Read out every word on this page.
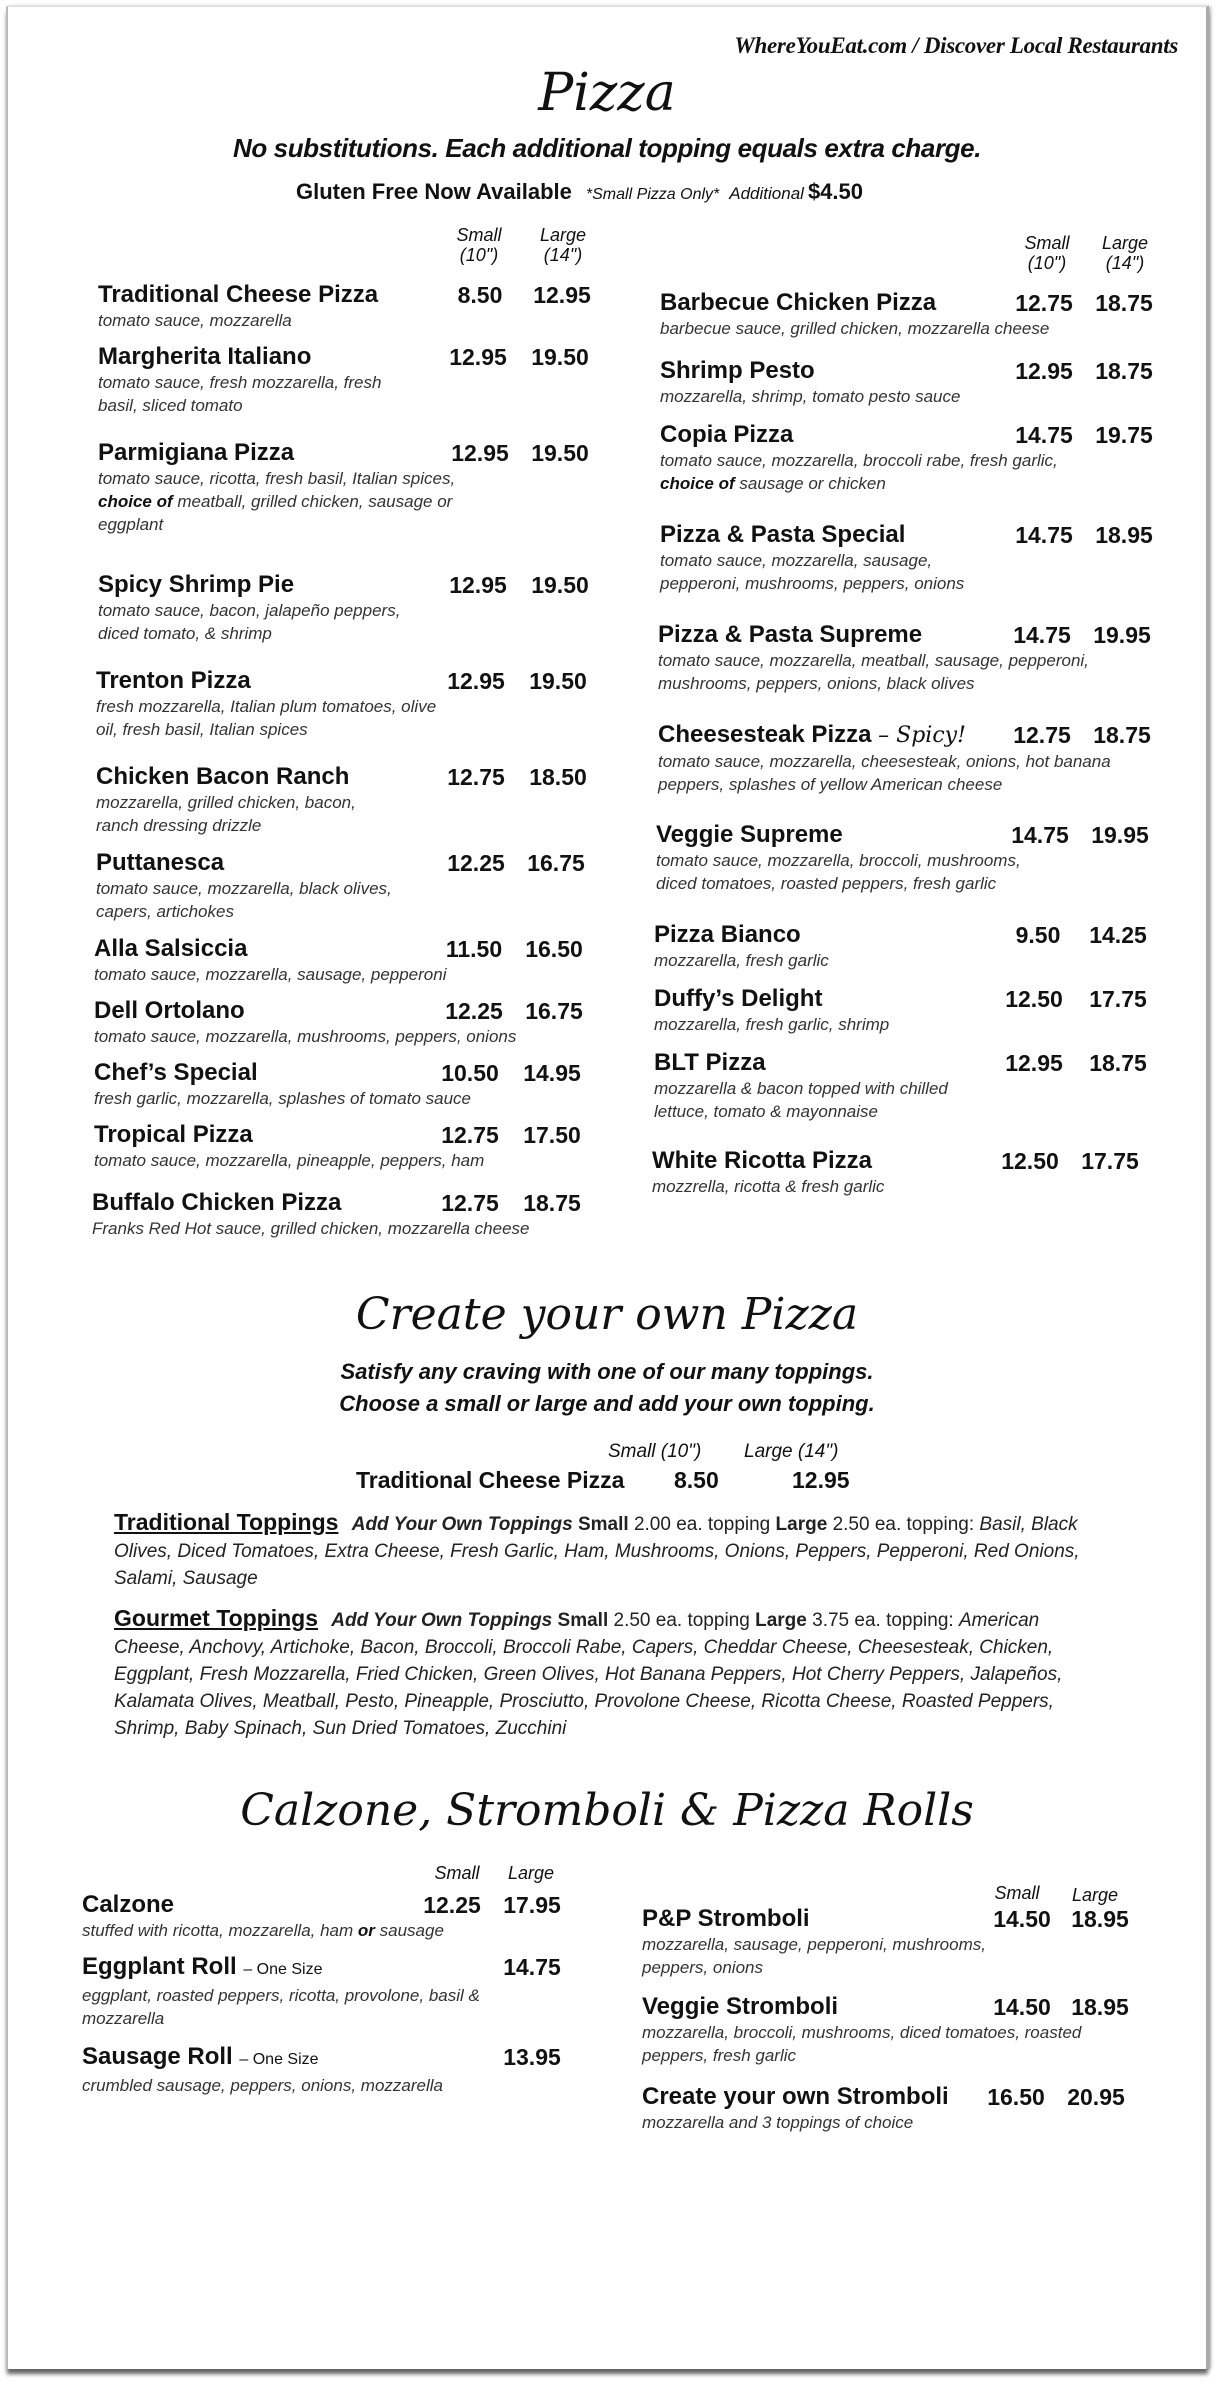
WhereYouEat.com / Discover Local Restaurants
Pizza
No substitutions. Each additional topping equals extra charge.
Gluten Free Now Available *Small Pizza Only* Additional $4.50
Small
(10")
Large
(14")
Small
(10")
Large
(14")
Traditional Cheese Pizza
tomato sauce, mozzarella
8.50	12.95
Margherita Italiano
tomato sauce, fresh mozzarella, fresh basil, sliced tomato
12.95	19.50
Parmigiana Pizza
tomato sauce, ricotta, fresh basil, Italian spices,
choice of meatball, grilled chicken, sausage or eggplant
12.95 19.50
Spicy Shrimp Pie
tomato sauce, bacon, jalapeño peppers, diced tomato, & shrimp
12.95	19.50
Trenton Pizza
fresh mozzarella, Italian plum tomatoes, olive oil, fresh basil, Italian spices
12.95	19.50
Chicken Bacon Ranch
mozzarella, grilled chicken, bacon, ranch dressing drizzle
12.75	18.50
Puttanesca
tomato sauce, mozzarella, black olives, capers, artichokes
12.25 16.75
Alla Salsiccia
tomato sauce, mozzarella, sausage, pepperoni
11.50	16.50
Dell Ortolano
tomato sauce, mozzarella, mushrooms, peppers, onions
12.25 16.75
Chef’s Special
fresh garlic, mozzarella, splashes of tomato sauce
10.50	14.95
Tropical Pizza
tomato sauce, mozzarella, pineapple, peppers, ham
12.75	17.50
Buffalo Chicken Pizza
Franks Red Hot sauce, grilled chicken, mozzarella cheese
12.75	18.75
Barbecue Chicken Pizza
barbecue sauce, grilled chicken, mozzarella cheese
12.75 18.75
Shrimp Pesto
mozzarella, shrimp, tomato pesto sauce
12.95 18.75
Copia Pizza
tomato sauce, mozzarella, broccoli rabe, fresh garlic,
choice of sausage or chicken
14.75 19.75
Pizza & Pasta Special
tomato sauce, mozzarella, sausage, pepperoni, mushrooms, peppers, onions
14.75 18.95
Pizza & Pasta Supreme
tomato sauce, mozzarella, meatball, sausage, pepperoni, mushrooms, peppers, onions, black olives
14.75 19.95
Cheesesteak Pizza – Spicy!
tomato sauce, mozzarella, cheesesteak, onions, hot banana peppers, splashes of yellow American cheese
12.75 18.75
Veggie Supreme
tomato sauce, mozzarella, broccoli, mushrooms, diced tomatoes, roasted peppers, fresh garlic
14.75 19.95
Pizza Bianco
mozzarella, fresh garlic
9.50	14.25
Duffy’s Delight
mozzarella, fresh garlic, shrimp
12.50	17.75
BLT Pizza
mozzarella & bacon topped with chilled lettuce, tomato & mayonnaise
12.95	18.75
White Ricotta Pizza
mozzrella, ricotta & fresh garlic
12.50 17.75
Create your own Pizza
Satisfy any craving with one of our many toppings.
Choose a small or large and add your own topping.
Small (10") Large (14")
Traditional Cheese Pizza 8.50	12.95
Traditional Toppings Add Your Own Toppings Small 2.00 ea. topping Large 2.50 ea. topping: Basil, Black Olives, Diced Tomatoes, Extra Cheese, Fresh Garlic, Ham, Mushrooms, Onions, Peppers, Pepperoni, Red Onions, Salami, Sausage
Gourmet Toppings Add Your Own Toppings Small 2.50 ea. topping Large 3.75 ea. topping: American Cheese, Anchovy, Artichoke, Bacon, Broccoli, Broccoli Rabe, Capers, Cheddar Cheese, Cheesesteak, Chicken, Eggplant, Fresh Mozzarella, Fried Chicken, Green Olives, Hot Banana Peppers, Hot Cherry Peppers, Jalapeños, Kalamata Olives, Meatball, Pesto, Pineapple, Prosciutto, Provolone Cheese, Ricotta Cheese, Roasted Peppers, Shrimp, Baby Spinach, Sun Dried Tomatoes, Zucchini
Calzone, Stromboli & Pizza Rolls
Small	Large
Small	Large
Calzone
stuffed with ricotta, mozzarella, ham or sausage
12.25 17.95
Eggplant Roll – One Size
eggplant, roasted peppers, ricotta, provolone, basil & mozzarella
14.75
Sausage Roll – One Size
crumbled sausage, peppers, onions, mozzarella
13.95
P&P Stromboli
mozzarella, sausage, pepperoni, mushrooms, peppers, onions
14.50 18.95
Veggie Stromboli
mozzarella, broccoli, mushrooms, diced tomatoes, roasted peppers, fresh garlic
14.50 18.95
Create your own Stromboli
mozzarella and 3 toppings of choice
16.50 20.95
